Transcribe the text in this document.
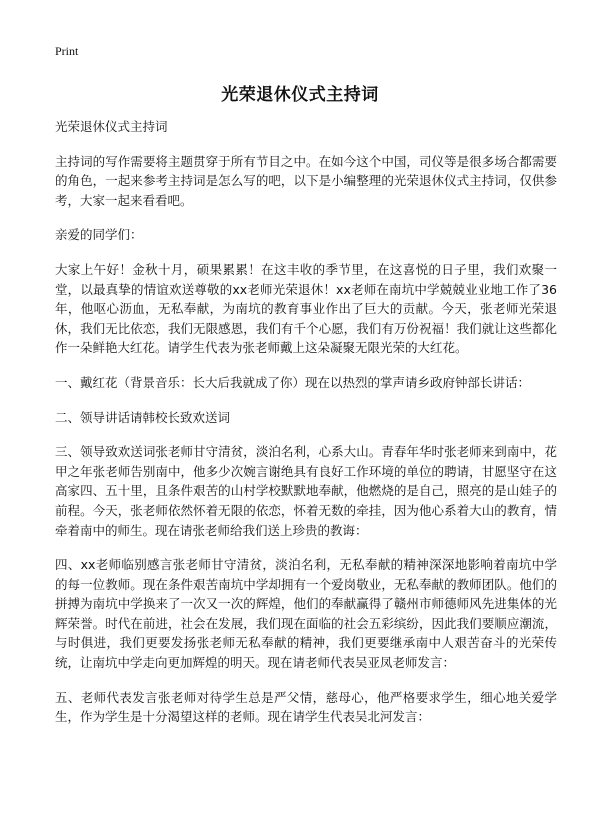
Print
光荣退休仪式主持词

光荣退休仪式主持词

主持词的写作需要将主题贯穿于所有节目之中。在如今这个中国，司仪等是很多场合都需要的角色，一起来参考主持词是怎么写的吧，以下是小编整理的光荣退休仪式主持词，仅供参考，大家一起来看看吧。

亲爱的同学们：

大家上午好！金秋十月，硕果累累！在这丰收的季节里，在这喜悦的日子里，我们欢聚一堂，以最真挚的情谊欢送尊敬的xx老师光荣退休！xx老师在南坑中学兢兢业业地工作了36年，他呕心沥血，无私奉献，为南坑的教育事业作出了巨大的贡献。今天，张老师光荣退休，我们无比依恋，我们无限感恩，我们有千个心愿，我们有万份祝福！我们就让这些都化作一朵鲜艳大红花。请学生代表为张老师戴上这朵凝聚无限光荣的大红花。

一、戴红花（背景音乐：长大后我就成了你）现在以热烈的掌声请乡政府钟部长讲话：

二、领导讲话请韩校长致欢送词

三、领导致欢送词张老师甘守清贫，淡泊名利，心系大山。青春年华时张老师来到南中，花甲之年张老师告别南中，他多少次婉言谢绝具有良好工作环境的单位的聘请，甘愿坚守在这高家四、五十里，且条件艰苦的山村学校默默地奉献，他燃烧的是自己，照亮的是山娃子的前程。今天，张老师依然怀着无限的依恋，怀着无数的牵挂，因为他心系着大山的教育，情牵着南中的师生。现在请张老师给我们送上珍贵的教诲：

四、xx老师临别感言张老师甘守清贫，淡泊名利，无私奉献的精神深深地影响着南坑中学的每一位教师。现在条件艰苦南坑中学却拥有一个爱岗敬业，无私奉献的教师团队。他们的拼搏为南坑中学换来了一次又一次的辉煌，他们的奉献赢得了赣州市师德师风先进集体的光辉荣誉。时代在前进，社会在发展，我们现在面临的社会五彩缤纷，因此我们要顺应潮流，与时俱进，我们更要发扬张老师无私奉献的精神，我们更要继承南中人艰苦奋斗的光荣传统，让南坑中学走向更加辉煌的明天。现在请老师代表吴亚凤老师发言：

五、老师代表发言张老师对待学生总是严父情，慈母心，他严格要求学生，细心地关爱学生，作为学生是十分渴望这样的老师。现在请学生代表吴北河发言：
